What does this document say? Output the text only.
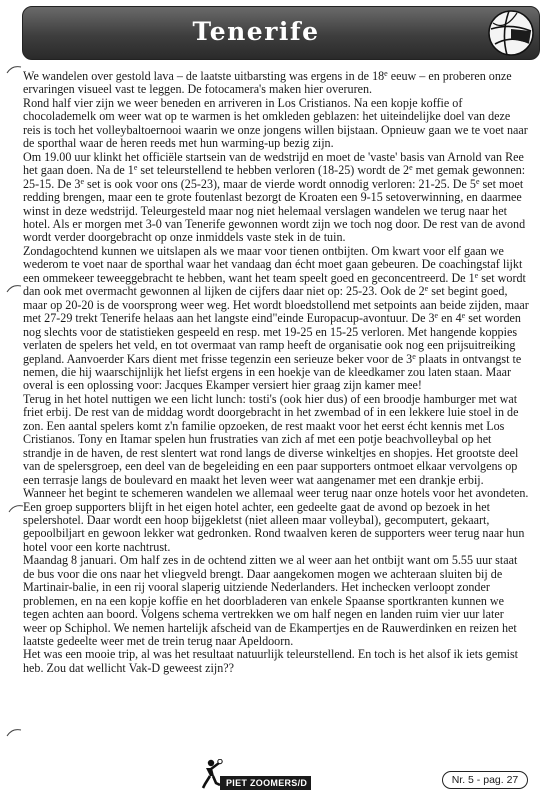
Tenerife

We wandelen over gestold lava – de laatste uitbarsting was ergens in de 18e eeuw – en proberen onze ervaringen visueel vast te leggen. De fotocamera's maken hier overuren.

Rond half vier zijn we weer beneden en arriveren in Los Cristianos. Na een kopje koffie of chocolademelk om weer wat op te warmen is het omkleden geblazen: het uiteindelijke doel van deze reis is toch het volleybaltoernooi waarin we onze jongens willen bijstaan. Opnieuw gaan we te voet naar de sporthal waar de heren reeds met hun warming-up bezig zijn.

Om 19.00 uur klinkt het officiële startsein van de wedstrijd en moet de 'vaste' basis van Arnold van Ree het gaan doen. Na de 1e set teleurstellend te hebben verloren (18-25) wordt de 2e met gemak gewonnen: 25-15. De 3e set is ook voor ons (25-23), maar de vierde wordt onnodig verloren: 21-25. De 5e set moet redding brengen, maar een te grote foutenlast bezorgt de Kroaten een 9-15 setoverwinning, en daarmee winst in deze wedstrijd. Teleurgesteld maar nog niet helemaal verslagen wandelen we terug naar het hotel. Als er morgen met 3-0 van Tenerife gewonnen wordt zijn we toch nog door. De rest van de avond wordt verder doorgebracht op onze inmiddels vaste stek in de tuin.

Zondagochtend kunnen we uitslapen als we maar voor tienen ontbijten. Om kwart voor elf gaan we wederom te voet naar de sporthal waar het vandaag dan écht moet gaan gebeuren. De coachingstaf lijkt een ommekeer teweeggebracht te hebben, want het team speelt goed en geconcentreerd. De 1e set wordt dan ook met overmacht gewonnen al lijken de cijfers daar niet op: 25-23. Ook de 2e set begint goed, maar op 20-20 is de voorsprong weer weg. Het wordt bloedstollend met setpoints aan beide zijden, maar met 27-29 trekt Tenerife helaas aan het langste eind"einde Europacup-avontuur. De 3e en 4e set worden nog slechts voor de statistieken gespeeld en resp. met 19-25 en 15-25 verloren. Met hangende koppies verlaten de spelers het veld, en tot overmaat van ramp heeft de organisatie ook nog een prijsuitreiking gepland. Aanvoerder Kars dient met frisse tegenzin een serieuze beker voor de 3e plaats in ontvangst te nemen, die hij waarschijnlijk het liefst ergens in een hoekje van de kleedkamer zou laten staan. Maar overal is een oplossing voor: Jacques Ekamper versiert hier graag zijn kamer mee!

Terug in het hotel nuttigen we een licht lunch: tosti's (ook hier dus) of een broodje hamburger met wat friet erbij. De rest van de middag wordt doorgebracht in het zwembad of in een lekkere luie stoel in de zon. Een aantal spelers komt z'n familie opzoeken, de rest maakt voor het eerst écht kennis met Los Cristianos. Tony en Itamar spelen hun frustraties van zich af met een potje beachvolleybal op het strandje in de haven, de rest slentert wat rond langs de diverse winkeltjes en shopjes. Het grootste deel van de spelersgroep, een deel van de begeleiding en een paar supporters ontmoet elkaar vervolgens op een terrasje langs de boulevard en maakt het leven weer wat aangenamer met een drankje erbij. Wanneer het begint te schemeren wandelen we allemaal weer terug naar onze hotels voor het avondeten. Een groep supporters blijft in het eigen hotel achter, een gedeelte gaat de avond op bezoek in het spelershotel. Daar wordt een hoop bijgekletst (niet alleen maar volleybal), gecomputert, gekaart, gepoolbiljart en gewoon lekker wat gedronken. Rond twaalven keren de supporters weer terug naar hun hotel voor een korte nachtrust.

Maandag 8 januari. Om half zes in de ochtend zitten we al weer aan het ontbijt want om 5.55 uur staat de bus voor die ons naar het vliegveld brengt. Daar aangekomen mogen we achteraan sluiten bij de Martinair-balie, in een rij vooral slaperig uitziende Nederlanders. Het inchecken verloopt zonder problemen, en na een kopje koffie en het doorbladeren van enkele Spaanse sportkranten kunnen we tegen achten aan boord. Volgens schema vertrekken we om half negen en landen ruim vier uur later weer op Schiphol. We nemen hartelijk afscheid van de Ekampertjes en de Rauwerdinken en reizen het laatste gedeelte weer met de trein terug naar Apeldoorn.

Het was een mooie trip, al was het resultaat natuurlijk teleurstellend. En toch is het alsof ik iets gemist heb. Zou dat wellicht Vak-D geweest zijn??

PIET ZOOMERS/D	Nr. 5 - pag. 27
